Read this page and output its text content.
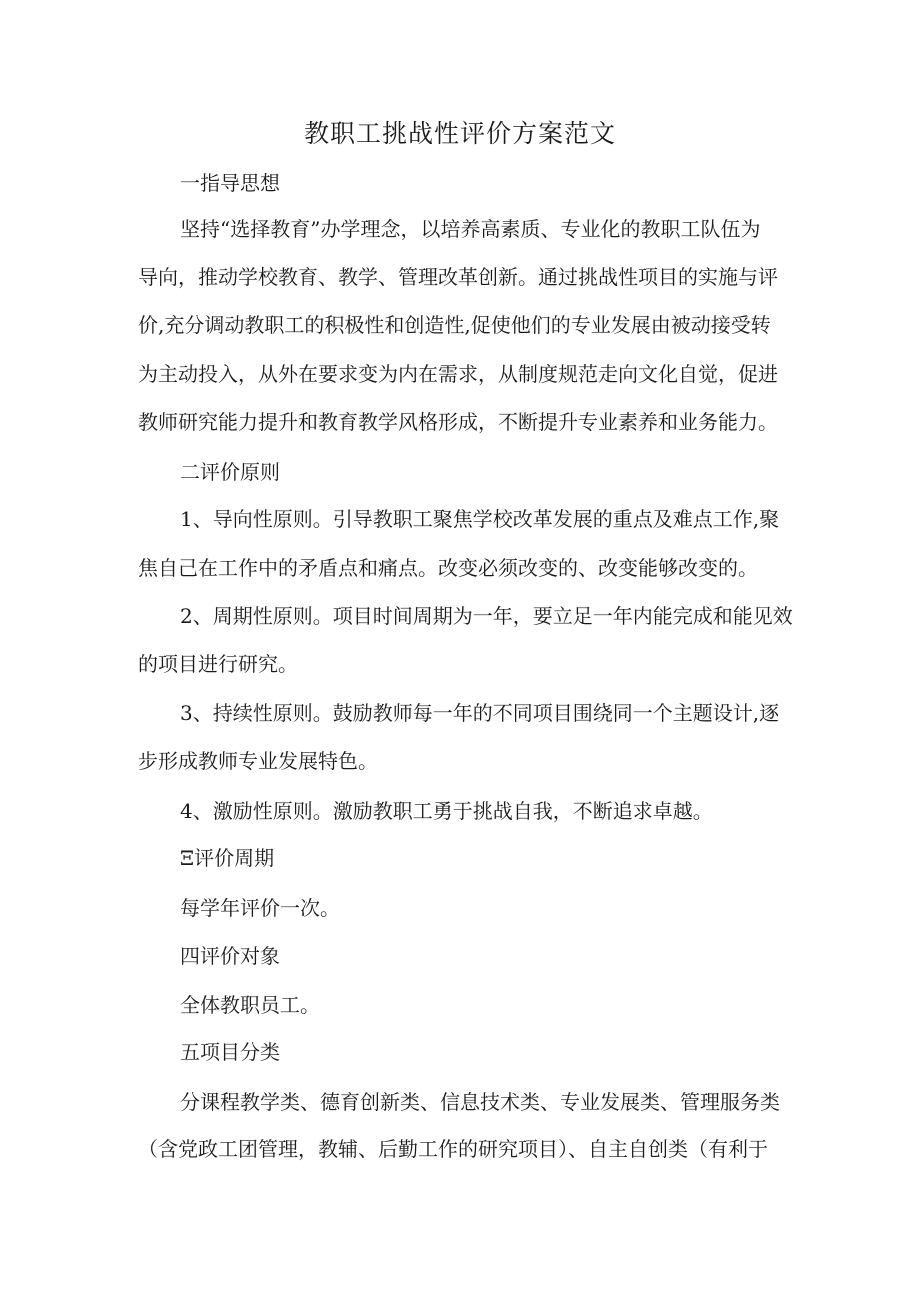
教职工挑战性评价方案范文
一指导思想
坚持“选择教育”办学理念，以培养高素质、专业化的教职工队伍为
导向，推动学校教育、教学、管理改革创新。通过挑战性项目的实施与评
价,充分调动教职工的积极性和创造性,促使他们的专业发展由被动接受转
为主动投入，从外在要求变为内在需求，从制度规范走向文化自觉，促进
教师研究能力提升和教育教学风格形成，不断提升专业素养和业务能力。
二评价原则
1、导向性原则。引导教职工聚焦学校改革发展的重点及难点工作,聚
焦自己在工作中的矛盾点和痛点。改变必须改变的、改变能够改变的。
2、周期性原则。项目时间周期为一年，要立足一年内能完成和能见效
的项目进行研究。
3、持续性原则。鼓励教师每一年的不同项目围绕同一个主题设计,逐
步形成教师专业发展特色。
4、激励性原则。激励教职工勇于挑战自我，不断追求卓越。
Ξ评价周期
每学年评价一次。
四评价对象
全体教职员工。
五项目分类
分课程教学类、德育创新类、信息技术类、专业发展类、管理服务类
（含党政工团管理，教辅、后勤工作的研究项目）、自主自创类（有利于
